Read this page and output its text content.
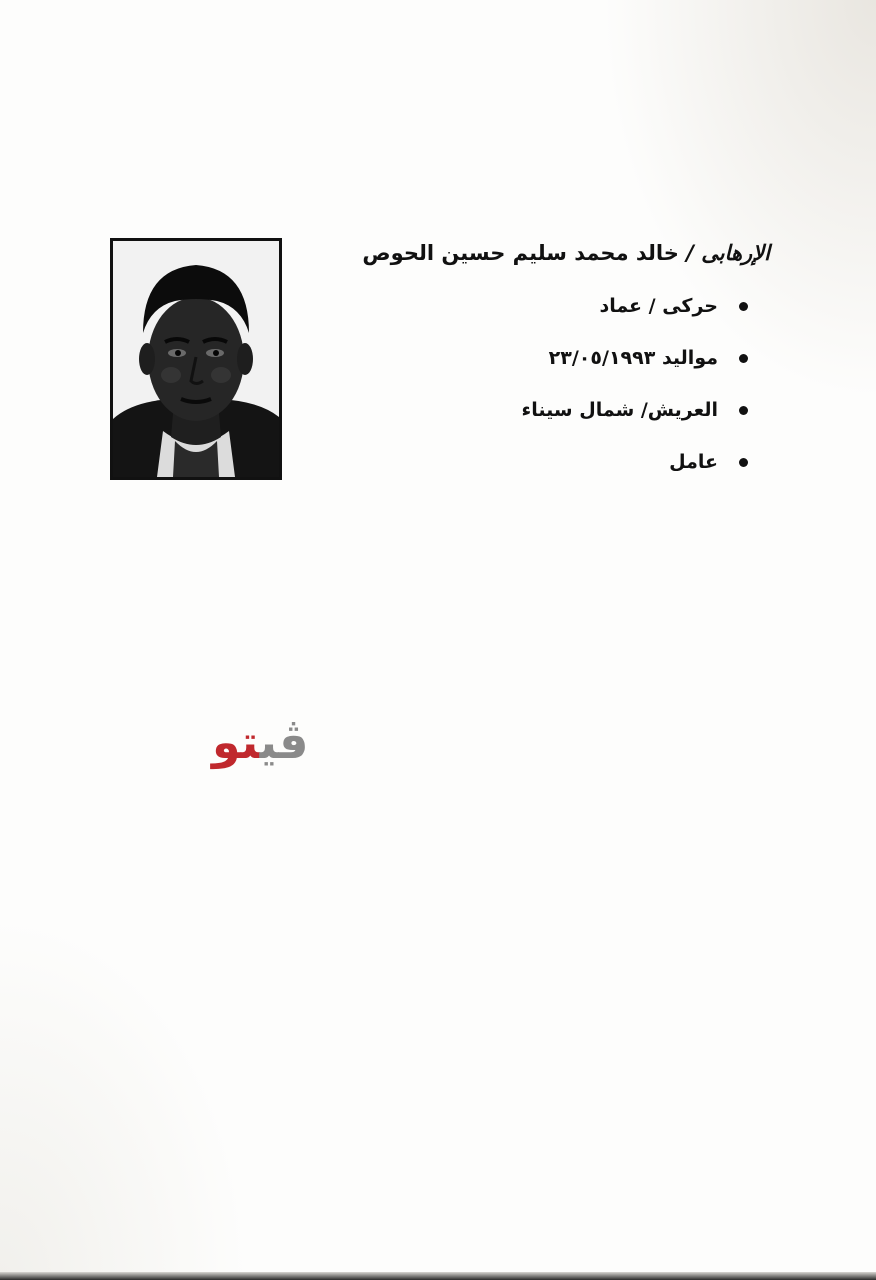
الإرهابى / خالد محمد سليم حسين الحوص
حركى / عماد
مواليد ٢٣/٠٥/١٩٩٣
العريش/ شمال سيناء
عامل
ڤيتو
